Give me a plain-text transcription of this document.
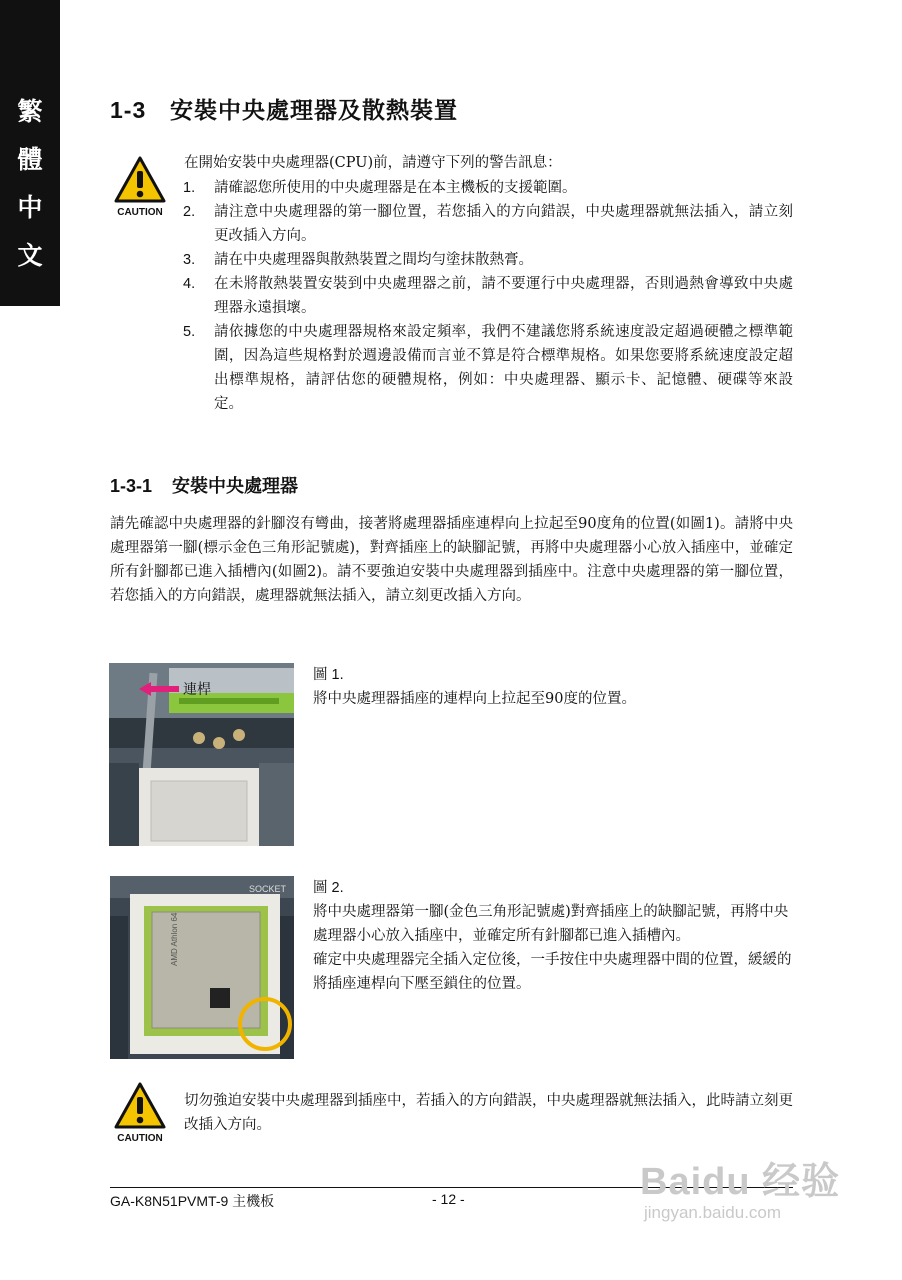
繁
體
中
文
1-3 安裝中央處理器及散熱裝置
CAUTION
在開始安裝中央處理器(CPU)前，請遵守下列的警告訊息：
1. 請確認您所使用的中央處理器是在本主機板的支援範圍。
2. 請注意中央處理器的第一腳位置，若您插入的方向錯誤，中央處理器就無法插入，請立刻更改插入方向。
3. 請在中央處理器與散熱裝置之間均勻塗抹散熱膏。
4. 在未將散熱裝置安裝到中央處理器之前，請不要運行中央處理器，否則過熱會導致中央處理器永遠損壞。
5. 請依據您的中央處理器規格來設定頻率，我們不建議您將系統速度設定超過硬體之標準範圍，因為這些規格對於週邊設備而言並不算是符合標準規格。如果您要將系統速度設定超出標準規格，請評估您的硬體規格，例如：中央處理器、顯示卡、記憶體、硬碟等來設定。
1-3-1 安裝中央處理器
請先確認中央處理器的針腳沒有彎曲，接著將處理器插座連桿向上拉起至90度角的位置(如圖1)。請將中央處理器第一腳(標示金色三角形記號處)，對齊插座上的缺腳記號，再將中央處理器小心放入插座中，並確定所有針腳都已進入插槽內(如圖2)。請不要強迫安裝中央處理器到插座中。注意中央處理器的第一腳位置，若您插入的方向錯誤，處理器就無法插入，請立刻更改插入方向。
連桿
圖 1.
將中央處理器插座的連桿向上拉起至90度的位置。
SOCKET
AMD Athlon 64
圖 2.
將中央處理器第一腳(金色三角形記號處)對齊插座上的缺腳記號，再將中央處理器小心放入插座中，並確定所有針腳都已進入插槽內。
確定中央處理器完全插入定位後，一手按住中央處理器中間的位置，緩緩的將插座連桿向下壓至鎖住的位置。
CAUTION
切勿強迫安裝中央處理器到插座中，若插入的方向錯誤，中央處理器就無法插入，此時請立刻更改插入方向。
GA-K8N51PVMT-9 主機板	- 12 -	Baidu 经验
jingyan.baidu.com
